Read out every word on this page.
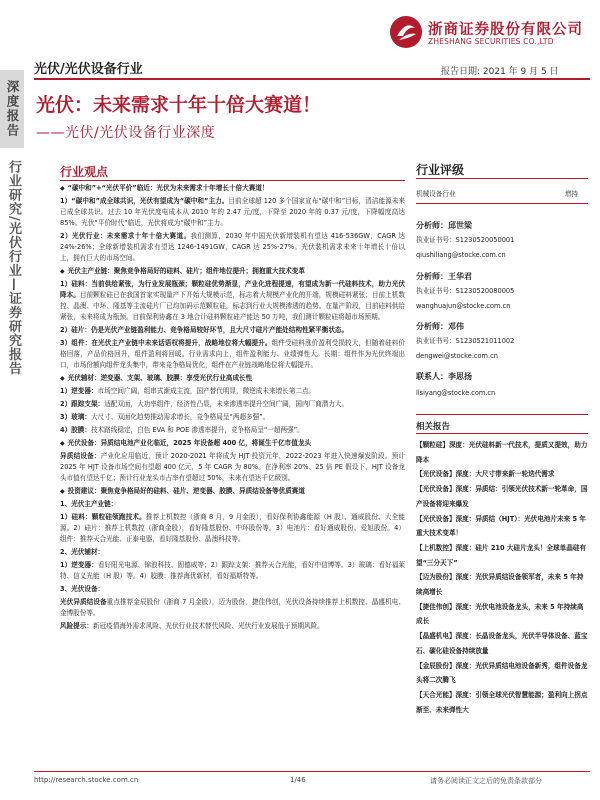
浙商证券股份有限公司
ZHESHANG SECURITIES CO.,LTD
光伏/光伏设备行业	报告日期: 2021 年 9 月 5 日
深度报告
行业研究/光伏行业—证券研究报告
光伏：未来需求十年十倍大赛道！
——光伏/光伏设备行业深度
行业观点

◆ “碳中和”+“光伏平价”临近：光伏为未来需求十年增长十倍大赛道！

1）“碳中和”成全球共识，光伏有望成为“碳中和”主力。目前全球超 120 多个国家宣布“碳中和”目标，清洁能源未来已成全球共识。过去 10 年光伏度电成本从 2010 年的 2.47 元/度，下降至 2020 年的 0.37 元/度，下降幅度高达 85%。光伏“平价时代”临近，光伏将成为“碳中和”主力。

2）光伏行业：未来需求十年十倍大赛道。我们测算，2030 年中国光伏新增装机有望达 416-536GW，CAGR 达 24%-26%；全球新增装机需求有望达 1246-1491GW，CAGR 达 25%-27%。光伏装机需求未来十年增长十倍以上，拥有巨大的市场空间。

◆ 光伏主产业链：聚焦竞争格局好的硅料、硅片；组件地位提升；拥抱重大技术变革

1）硅料：当前供给紧张，为行业发展瓶颈；颗粒硅优势渐显，产业化进程提速，有望成为新一代硅料技术，助力光伏降本。目前颗粒硅已在我国首家实现量产下开始大规模示范，标志着大规模产业化的开端，规模硅料紧张；目前上机数控、晶澳、中环、隆基等主流硅片厂已均加码示范颗粒硅，标志到行业大规模渗透的趋势。在量产阶段，目前硅料供给紧张，未来将成为瓶颈。目前保利协鑫在 3 地合计硅料颗粒硅产能达 50 万吨，我们测计颗粒硅将超市场预期。

2）硅片：仍是光伏产业链盈利能力、竞争格局较好环节，且大尺寸硅片产能处结构性紧平衡状态。

3）组件：在光伏主产业链中未来话语权将提升，战略地位将大幅提升。组件受硅料涨价盈利受损较大，但随着硅料价格回落，产品价格回升，组件盈利将回暖。行业需求向上，组件盈利能力、业绩弹性大。长期：组件作为光伏终端出口，市场份额向组件龙头集中，带来竞争格局优化，组件在产业链战略地位将大幅提升。

◆ 光伏辅材：逆变器、支架、玻璃、胶膜：享受光伏行业高成长性

1）逆变器：市场空间广阔，组串式渐成主流，国产替代明显，微逆成未来增长第二点。

2）跟踪支架：适配双面，大功率组件，经济性凸显，未来渗透率提升空间广阔，国内厂商潜力大。

3）玻璃：大尺寸、双面化趋势推动需求增长，竞争格局呈“两超多强”。

4）胶膜：技术路线稳定，白色 EVA 和 POE 渗透率提升，竞争格局呈“一超两强”。

◆ 光伏设备：异质结电池产业化临近，2025 年设备超 400 亿，将诞生千亿市值龙头

异质结设备：产业化应用临近，预计 2020-2021 年将成为 HJT 投资元年，2022-2023 年进入快速爆发阶段。预计 2025 年 HJT 设备市场空间有望超 400 亿元，5 年 CAGR 为 80%。在净利率 20%、25 倍 PE 假设下，HJT 设备龙头市值有望达千亿；预计行业龙头市占率有望超过 50%，未来有望达千亿级别。

◆ 投资建议：聚焦竞争格局好的硅料、硅片、逆变器、胶膜、异质结设备等优质赛道

1、光伏主产业链：

1）硅料：颗粒硅领跑技术。推荐上机数控（浙商 8 月，9 月金股），看好保利协鑫能源（H 股）、通威股份、大全能源。2）硅片：推荐上机数控（浙商金股），看好隆基股份、中环股份等。3）电池片：看好通威股份、爱旭股份。4）组件：推荐天合光能、正泰电器，看好隆基股份、晶澳科技等。

2、光伏辅材：

1）逆变器：看好阳光电源、锦浪科技、固德威等；2）跟踪支架：推荐天合光能，看好中信博等。3）玻璃：看好福莱特、信义光能（H 股）等。4）胶膜：推荐海优新材，看好福斯特等。

3、光伏设备：

光伏异质结设备重点推荐金辰股份（浙商 7 月金股），迈为股份，捷佳伟创，光伏设备持续推荐上机数控、晶盛机电、金博股份等。

风险提示：新冠疫情海外需求风险、光伏行业技术替代风险、光伏行业发展低于预期风险。

行业评级
机械设备行业	增持
分析师：邱世梁
执业证书号：S1230520050001
qiushiliang@stocke.com.cn
分析师：王华君
执业证书号：S1230520080005
wanghuajun@stocke.com.cn
分析师：邓伟
执业证书号：S1230521011002
dengwei@stocke.com.cn
联系人：李思扬
lisiyang@stocke.com.cn
相关报告
【颗粒硅】深度：光伏硅料新一代技术，提质又提效，助力降本
【光伏设备】深度：大尺寸带来新一轮迭代需求
【光伏设备】深度：异质结：引领光伏技术新一轮革命，国产设备将迎来爆发
【光伏设备】深度：异质结（HJT）：光伏电池片未来 5 年重大技术变革！
【上机数控】深度：硅片 210 大硅片龙头！全球单晶硅有望“三分天下”
【迈为股份】深度：光伏异质结设备领军者，未来 5 年持续高增长
【捷佳伟创】深度：光伏电池设备龙头，未来 5 年持续高成长
【晶盛机电】深度：长晶设备龙头，光伏半导体设备、蓝宝石、碳化硅设备持续放量
【金辰股份】深度：光伏异质结电池设备新秀，组件设备龙头将二次腾飞
【天合光能】深度：引领全球光伏智慧能源；盈利向上拐点渐至、未来弹性大
http://research.stocke.com.cn	1/46	请务必阅读正文之后的免责条款部分
